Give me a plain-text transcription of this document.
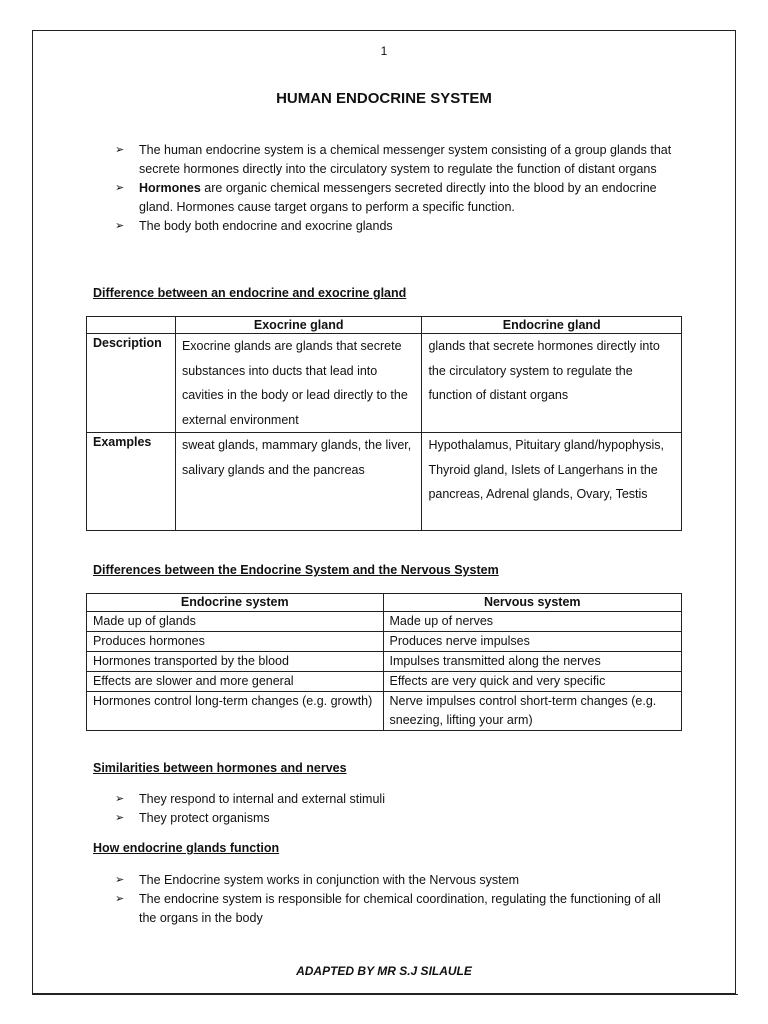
1
HUMAN ENDOCRINE SYSTEM
➢ The human endocrine system is a chemical messenger system consisting of a group glands that secrete hormones directly into the circulatory system to regulate the function of distant organs
➢ Hormones are organic chemical messengers secreted directly into the blood by an endocrine gland. Hormones cause target organs to perform a specific function.
➢ The body both endocrine and exocrine glands
Difference between an endocrine and exocrine gland
	Exocrine gland	Endocrine gland
Description	Exocrine glands are glands that secrete substances into ducts that lead into cavities in the body or lead directly to the external environment	glands that secrete hormones directly into the circulatory system to regulate the function of distant organs
Examples	sweat glands, mammary glands, the liver, salivary glands and the pancreas	Hypothalamus, Pituitary gland/hypophysis, Thyroid gland, Islets of Langerhans in the pancreas, Adrenal glands, Ovary, Testis
Differences between the Endocrine System and the Nervous System
Endocrine system	Nervous system
Made up of glands	Made up of nerves
Produces hormones	Produces nerve impulses
Hormones transported by the blood	Impulses transmitted along the nerves
Effects are slower and more general	Effects are very quick and very specific
Hormones control long-term changes (e.g. growth)	Nerve impulses control short-term changes (e.g. sneezing, lifting your arm)
Similarities between hormones and nerves
➢ They respond to internal and external stimuli
➢ They protect organisms
How endocrine glands function
➢ The Endocrine system works in conjunction with the Nervous system
➢ The endocrine system is responsible for chemical coordination, regulating the functioning of all the organs in the body
ADAPTED BY MR S.J SILAULE
